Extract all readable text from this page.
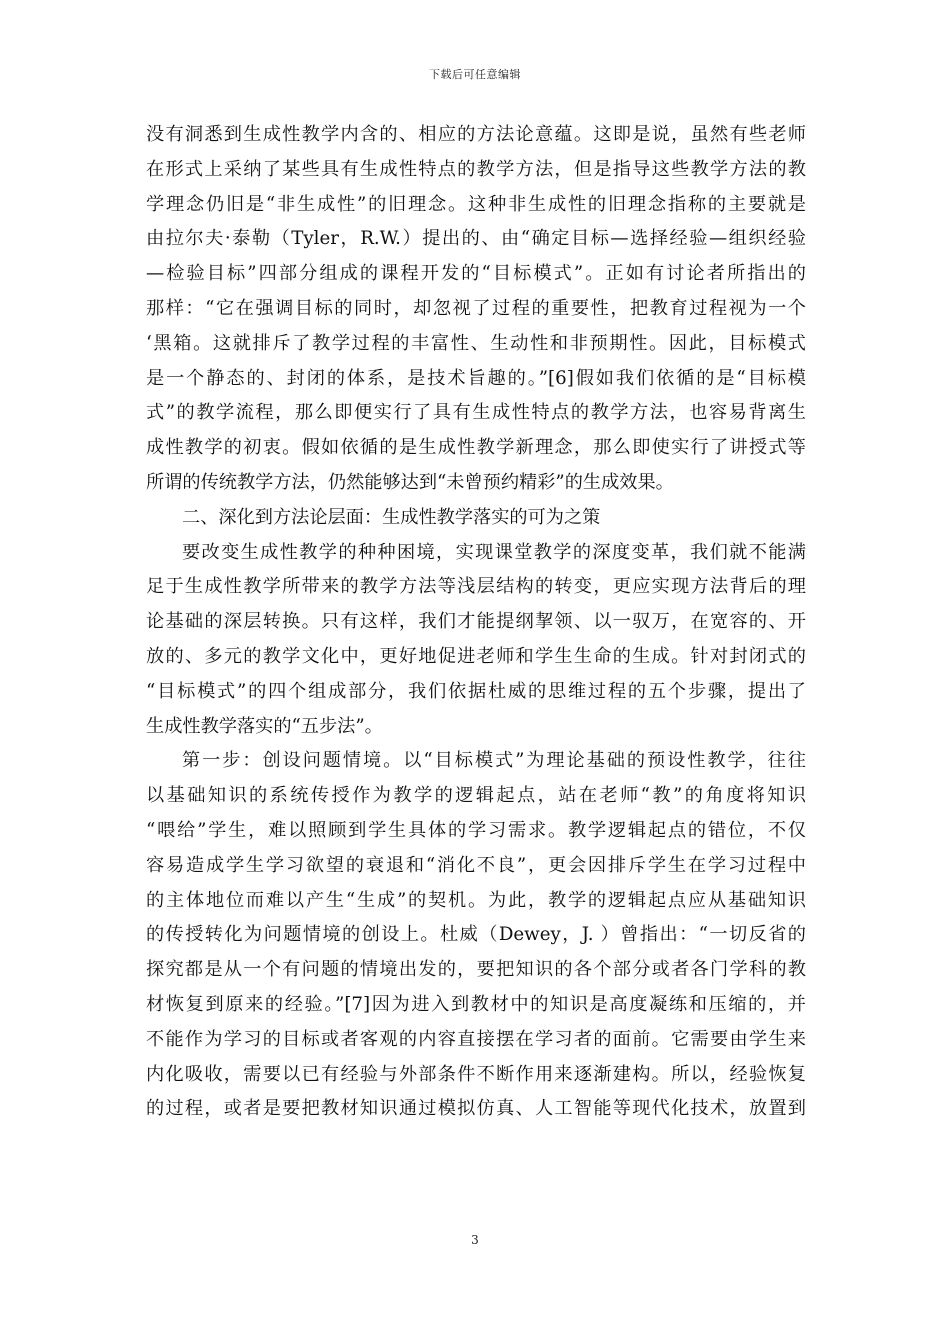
下载后可任意编辑
没有洞悉到生成性教学内含的、相应的方法论意蕴。这即是说，虽然有些老师
在形式上采纳了某些具有生成性特点的教学方法，但是指导这些教学方法的教
学理念仍旧是“非生成性”的旧理念。这种非生成性的旧理念指称的主要就是
由拉尔夫·泰勒（Tyler，R.W.）提出的、由“确定目标—选择经验—组织经验
—检验目标”四部分组成的课程开发的“目标模式”。正如有讨论者所指出的
那样：“它在强调目标的同时，却忽视了过程的重要性，把教育过程视为一个
‘黑箱。这就排斥了教学过程的丰富性、生动性和非预期性。因此，目标模式
是一个静态的、封闭的体系，是技术旨趣的。”[6]假如我们依循的是“目标模
式”的教学流程，那么即便实行了具有生成性特点的教学方法，也容易背离生
成性教学的初衷。假如依循的是生成性教学新理念，那么即使实行了讲授式等
所谓的传统教学方法，仍然能够达到“未曾预约精彩”的生成效果。
二、深化到方法论层面：生成性教学落实的可为之策
要改变生成性教学的种种困境，实现课堂教学的深度变革，我们就不能满
足于生成性教学所带来的教学方法等浅层结构的转变，更应实现方法背后的理
论基础的深层转换。只有这样，我们才能提纲挈领、以一驭万，在宽容的、开
放的、多元的教学文化中，更好地促进老师和学生生命的生成。针对封闭式的
“目标模式”的四个组成部分，我们依据杜威的思维过程的五个步骤，提出了
生成性教学落实的“五步法”。
第一步：创设问题情境。以“目标模式”为理论基础的预设性教学，往往
以基础知识的系统传授作为教学的逻辑起点，站在老师“教”的角度将知识
“喂给”学生，难以照顾到学生具体的学习需求。教学逻辑起点的错位，不仅
容易造成学生学习欲望的衰退和“消化不良”，更会因排斥学生在学习过程中
的主体地位而难以产生“生成”的契机。为此，教学的逻辑起点应从基础知识
的传授转化为问题情境的创设上。杜威（Dewey，J. ）曾指出：“一切反省的
探究都是从一个有问题的情境出发的，要把知识的各个部分或者各门学科的教
材恢复到原来的经验。”[7]因为进入到教材中的知识是高度凝练和压缩的，并
不能作为学习的目标或者客观的内容直接摆在学习者的面前。它需要由学生来
内化吸收，需要以已有经验与外部条件不断作用来逐渐建构。所以，经验恢复
的过程，或者是要把教材知识通过模拟仿真、人工智能等现代化技术，放置到
3
